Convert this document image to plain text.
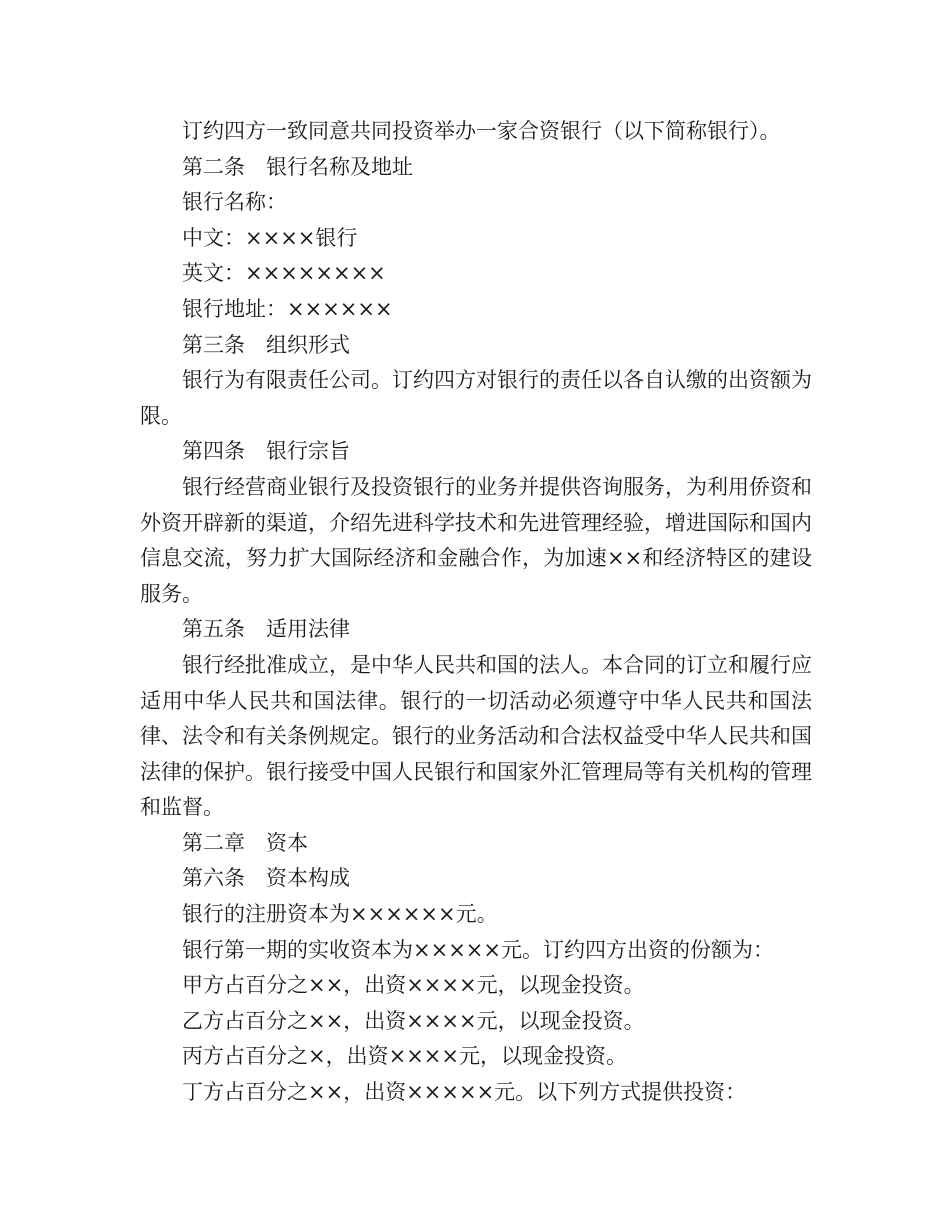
订约四方一致同意共同投资举办一家合资银行（以下简称银行）。
第二条　银行名称及地址
银行名称：
中文：××××银行
英文：××××××××
银行地址：××××××
第三条　组织形式
银行为有限责任公司。订约四方对银行的责任以各自认缴的出资额为限。
第四条　银行宗旨
银行经营商业银行及投资银行的业务并提供咨询服务，为利用侨资和外资开辟新的渠道，介绍先进科学技术和先进管理经验，增进国际和国内信息交流，努力扩大国际经济和金融合作，为加速××和经济特区的建设服务。
第五条　适用法律
银行经批准成立，是中华人民共和国的法人。本合同的订立和履行应适用中华人民共和国法律。银行的一切活动必须遵守中华人民共和国法律、法令和有关条例规定。银行的业务活动和合法权益受中华人民共和国法律的保护。银行接受中国人民银行和国家外汇管理局等有关机构的管理和监督。
第二章　资本
第六条　资本构成
银行的注册资本为××××××元。
银行第一期的实收资本为×××××元。订约四方出资的份额为：
甲方占百分之××，出资××××元，以现金投资。
乙方占百分之××，出资××××元，以现金投资。
丙方占百分之×，出资××××元，以现金投资。
丁方占百分之××，出资×××××元。以下列方式提供投资：
